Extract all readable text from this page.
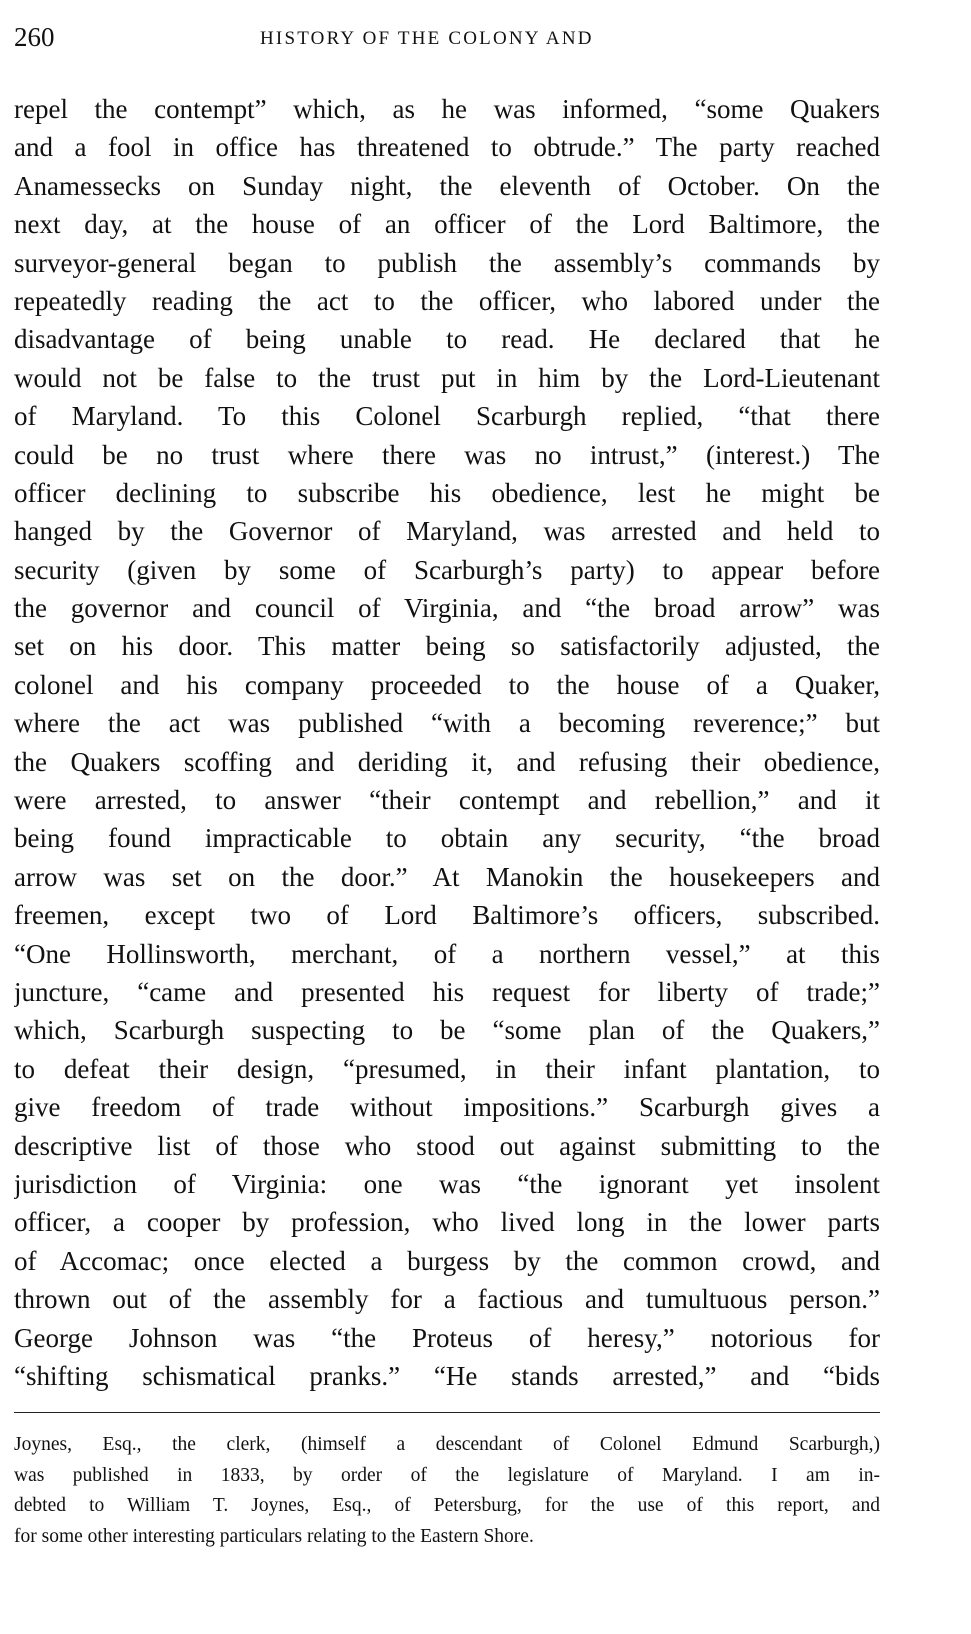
260	HISTORY OF THE COLONY AND
repel the contempt” which, as he was informed, “some Quakers
and a fool in office has threatened to obtrude.” The party reached
Anamessecks on Sunday night, the eleventh of October. On the
next day, at the house of an officer of the Lord Baltimore, the
surveyor-general began to publish the assembly’s commands by
repeatedly reading the act to the officer, who labored under the
disadvantage of being unable to read. He declared that he
would not be false to the trust put in him by the Lord-Lieutenant
of Maryland. To this Colonel Scarburgh replied, “that there
could be no trust where there was no intrust,” (interest.) The
officer declining to subscribe his obedience, lest he might be
hanged by the Governor of Maryland, was arrested and held to
security (given by some of Scarburgh’s party) to appear before
the governor and council of Virginia, and “the broad arrow” was
set on his door. This matter being so satisfactorily adjusted, the
colonel and his company proceeded to the house of a Quaker,
where the act was published “with a becoming reverence;” but
the Quakers scoffing and deriding it, and refusing their obedience,
were arrested, to answer “their contempt and rebellion,” and it
being found impracticable to obtain any security, “the broad
arrow was set on the door.” At Manokin the housekeepers and
freemen, except two of Lord Baltimore’s officers, subscribed.
“One Hollinsworth, merchant, of a northern vessel,” at this
juncture, “came and presented his request for liberty of trade;”
which, Scarburgh suspecting to be “some plan of the Quakers,”
to defeat their design, “presumed, in their infant plantation, to
give freedom of trade without impositions.” Scarburgh gives a
descriptive list of those who stood out against submitting to the
jurisdiction of Virginia: one was “the ignorant yet insolent
officer, a cooper by profession, who lived long in the lower parts
of Accomac; once elected a burgess by the common crowd, and
thrown out of the assembly for a factious and tumultuous person.”
George Johnson was “the Proteus of heresy,” notorious for
“shifting schismatical pranks.” “He stands arrested,” and “bids
Joynes, Esq., the clerk, (himself a descendant of Colonel Edmund Scarburgh,)
was published in 1833, by order of the legislature of Maryland. I am in-
debted to William T. Joynes, Esq., of Petersburg, for the use of this report, and
for some other interesting particulars relating to the Eastern Shore.
